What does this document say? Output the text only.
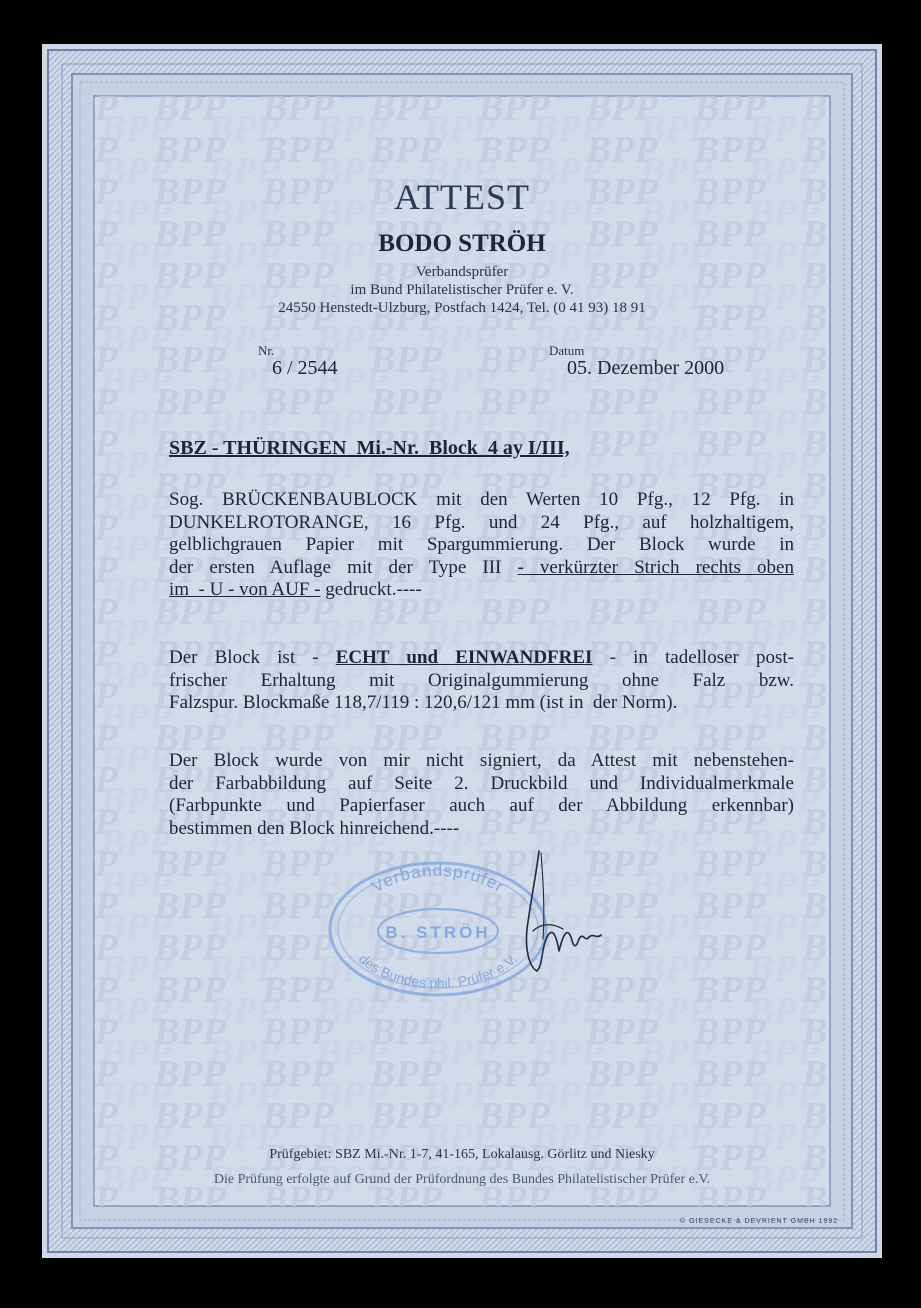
ATTEST
BODO STRÖH
Verbandsprüfer
im Bund Philatelistischer Prüfer e. V.
24550 Henstedt-Ulzburg, Postfach 1424, Tel. (0 41 93) 18 91
Nr.
6 / 2544
Datum
05. Dezember 2000
SBZ - THÜRINGEN  Mi.-Nr.  Block  4 ay I/III,
Sog. BRÜCKENBAUBLOCK mit den Werten 10 Pfg., 12 Pfg. in
DUNKELROTORANGE, 16 Pfg. und 24 Pfg., auf holzhaltigem,
gelblichgrauen Papier mit Spargummierung. Der Block wurde in
der ersten Auflage mit der Type III - verkürzter Strich rechts oben
im  - U - von AUF - gedruckt.----
Der Block ist - ECHT und EINWANDFREI - in tadelloser post-
frischer Erhaltung mit Originalgummierung ohne Falz bzw.
Falzspur. Blockmaße 118,7/119 : 120,6/121 mm (ist in  der Norm).
Der Block wurde von mir nicht signiert, da Attest mit nebenstehen-
der Farbabbildung auf Seite 2. Druckbild und Individualmerkmale
(Farbpunkte und Papierfaser auch auf der Abbildung erkennbar)
bestimmen den Block hinreichend.----
Verbandsprüfer
B. STRÖH
des Bundes phil. Prüfer e.V.
Prüfgebiet: SBZ Mi.-Nr. 1-7, 41-165, Lokalausg. Görlitz und Niesky
Die Prüfung erfolgte auf Grund der Prüfordnung des Bundes Philatelistischer Prüfer e.V.
© GIESECKE & DEVRIENT GMBH 1992
